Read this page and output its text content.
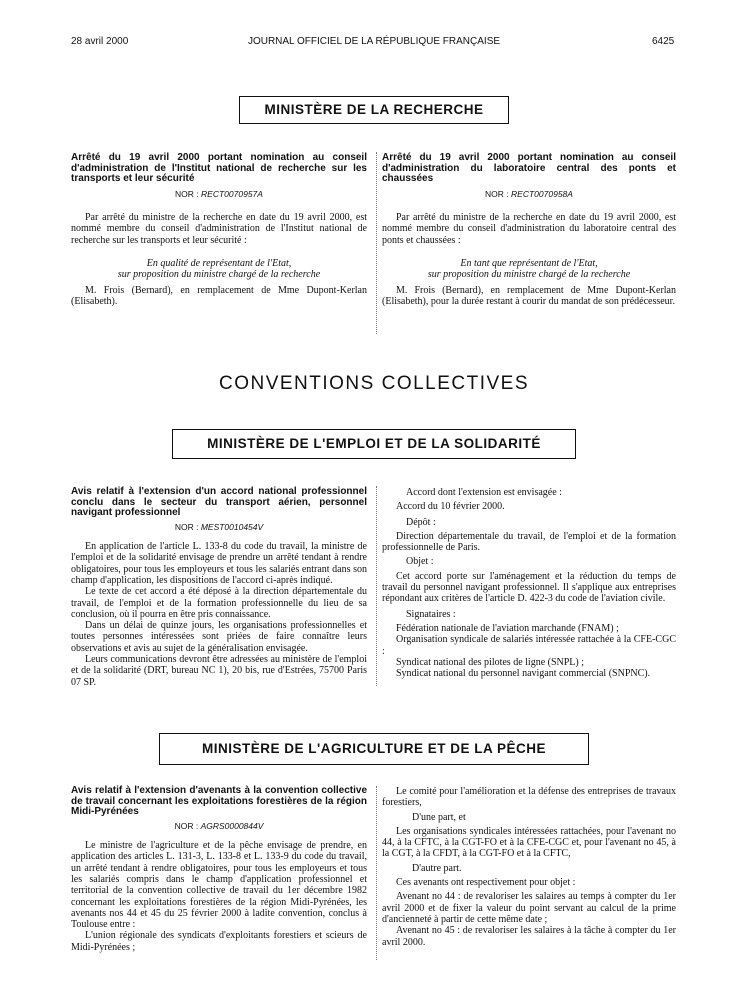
28 avril 2000	JOURNAL OFFICIEL DE LA RÉPUBLIQUE FRANÇAISE	6425
MINISTÈRE DE LA RECHERCHE
Arrêté du 19 avril 2000 portant nomination au conseil d'administration de l'Institut national de recherche sur les transports et leur sécurité
NOR : RECT0070957A

Par arrêté du ministre de la recherche en date du 19 avril 2000, est nommé membre du conseil d'administration de l'Institut national de recherche sur les transports et leur sécurité :

En qualité de représentant de l'Etat,
sur proposition du ministre chargé de la recherche

M. Frois (Bernard), en remplacement de Mme Dupont-Kerlan (Elisabeth).

Arrêté du 19 avril 2000 portant nomination au conseil d'administration du laboratoire central des ponts et chaussées
NOR : RECT0070958A

Par arrêté du ministre de la recherche en date du 19 avril 2000, est nommé membre du conseil d'administration du laboratoire central des ponts et chaussées :

En tant que représentant de l'Etat,
sur proposition du ministre chargé de la recherche

M. Frois (Bernard), en remplacement de Mme Dupont-Kerlan (Elisabeth), pour la durée restant à courir du mandat de son prédécesseur.

CONVENTIONS COLLECTIVES
MINISTÈRE DE L'EMPLOI ET DE LA SOLIDARITÉ
Avis relatif à l'extension d'un accord national professionnel conclu dans le secteur du transport aérien, personnel navigant professionnel
NOR : MEST0010454V

En application de l'article L. 133-8 du code du travail, la ministre de l'emploi et de la solidarité envisage de prendre un arrêté tendant à rendre obligatoires, pour tous les employeurs et tous les salariés entrant dans son champ d'application, les dispositions de l'accord ci-après indiqué.

Le texte de cet accord a été déposé à la direction départementale du travail, de l'emploi et de la formation professionnelle du lieu de sa conclusion, où il pourra en être pris connaissance.

Dans un délai de quinze jours, les organisations professionnelles et toutes personnes intéressées sont priées de faire connaître leurs observations et avis au sujet de la généralisation envisagée.

Leurs communications devront être adressées au ministère de l'emploi et de la solidarité (DRT, bureau NC 1), 20 bis, rue d'Estrées, 75700 Paris 07 SP.

Accord dont l'extension est envisagée :

Accord du 10 février 2000.

Dépôt :

Direction départementale du travail, de l'emploi et de la formation professionnelle de Paris.

Objet :

Cet accord porte sur l'aménagement et la réduction du temps de travail du personnel navigant professionnel. Il s'applique aux entreprises répondant aux critères de l'article D. 422-3 du code de l'aviation civile.

Signataires :

Fédération nationale de l'aviation marchande (FNAM) ;

Organisation syndicale de salariés intéressée rattachée à la CFE-CGC :

Syndicat national des pilotes de ligne (SNPL) ;

Syndicat national du personnel navigant commercial (SNPNC).

MINISTÈRE DE L'AGRICULTURE ET DE LA PÊCHE
Avis relatif à l'extension d'avenants à la convention collective de travail concernant les exploitations forestières de la région Midi-Pyrénées
NOR : AGRS0000844V

Le ministre de l'agriculture et de la pêche envisage de prendre, en application des articles L. 131-3, L. 133-8 et L. 133-9 du code du travail, un arrêté tendant à rendre obligatoires, pour tous les employeurs et tous les salariés compris dans le champ d'application professionnel et territorial de la convention collective de travail du 1er décembre 1982 concernant les exploitations forestières de la région Midi-Pyrénées, les avenants nos 44 et 45 du 25 février 2000 à ladite convention, conclus à Toulouse entre :

L'union régionale des syndicats d'exploitants forestiers et scieurs de Midi-Pyrénées ;

Le comité pour l'amélioration et la défense des entreprises de travaux forestiers,

D'une part, et

Les organisations syndicales intéressées rattachées, pour l'avenant no 44, à la CFTC, à la CGT-FO et à la CFE-CGC et, pour l'avenant no 45, à la CGT, à la CFDT, à la CGT-FO et à la CFTC,

D'autre part.

Ces avenants ont respectivement pour objet :

Avenant no 44 : de revaloriser les salaires au temps à compter du 1er avril 2000 et de fixer la valeur du point servant au calcul de la prime d'ancienneté à partir de cette même date ;

Avenant no 45 : de revaloriser les salaires à la tâche à compter du 1er avril 2000.
